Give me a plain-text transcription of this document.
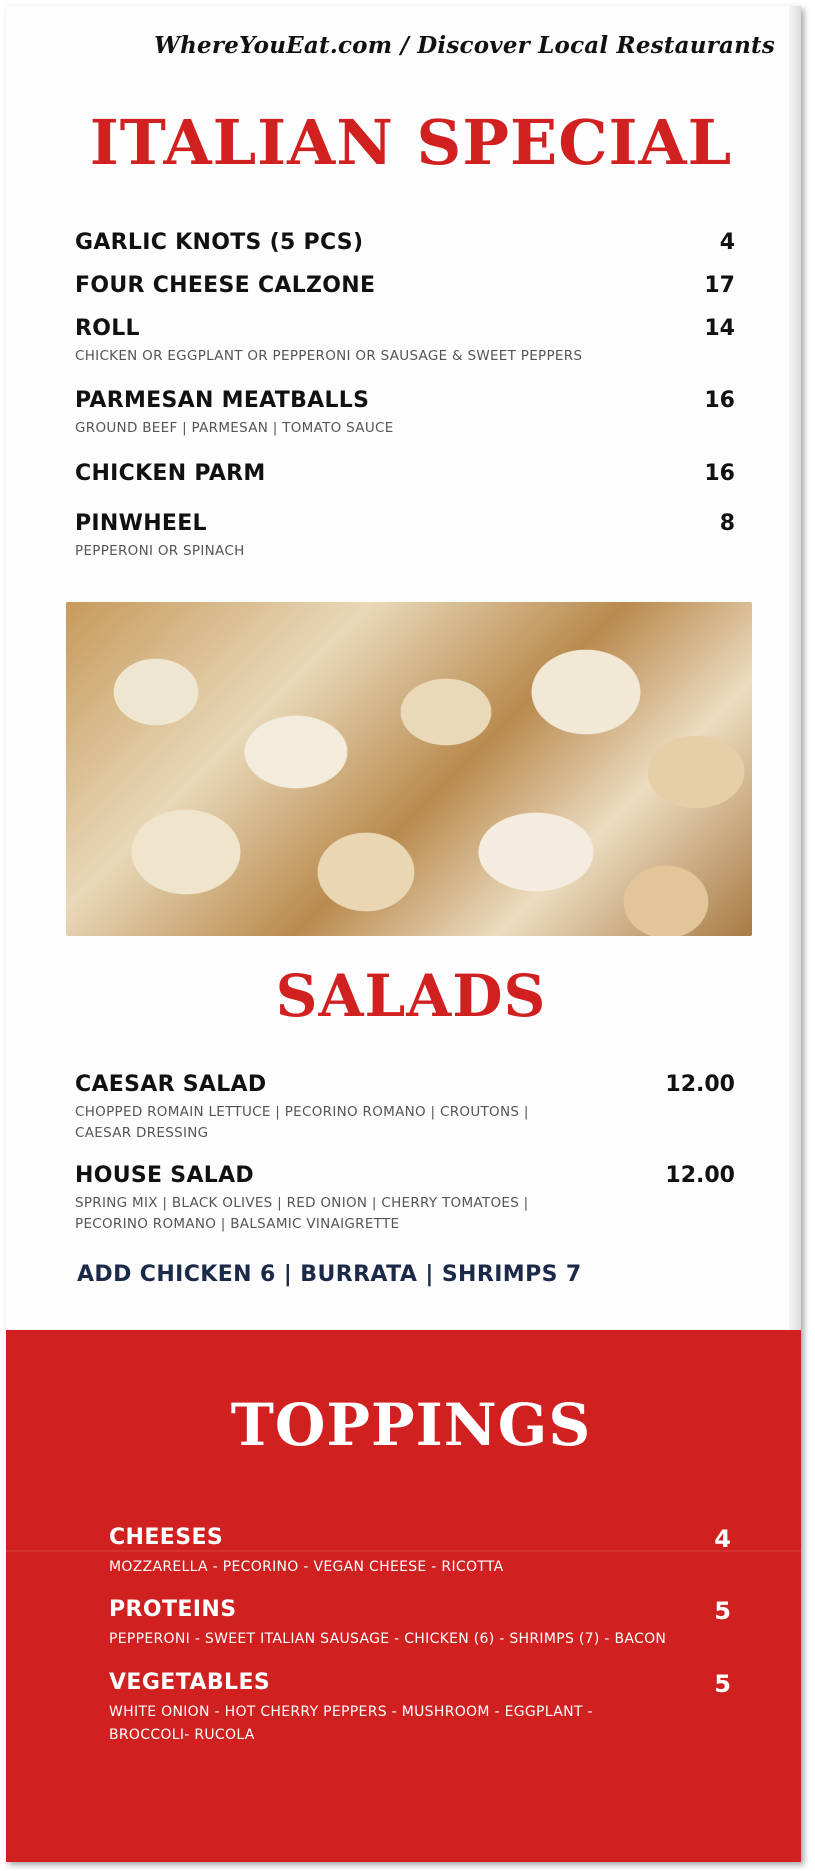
WhereYouEat.com / Discover Local Restaurants
ITALIAN SPECIAL
GARLIC KNOTS (5 PCS)	4
FOUR CHEESE CALZONE	17
ROLL	14
CHICKEN OR EGGPLANT OR PEPPERONI OR SAUSAGE & SWEET PEPPERS
PARMESAN MEATBALLS	16
GROUND BEEF | PARMESAN | TOMATO SAUCE
CHICKEN PARM	16
PINWHEEL	8
PEPPERONI OR SPINACH
SALADS
CAESAR SALAD	12.00
CHOPPED ROMAIN LETTUCE | PECORINO ROMANO | CROUTONS |
CAESAR DRESSING
HOUSE SALAD	12.00
SPRING MIX | BLACK OLIVES | RED ONION | CHERRY TOMATOES |
PECORINO ROMANO | BALSAMIC VINAIGRETTE
ADD CHICKEN 6 | BURRATA | SHRIMPS 7
TOPPINGS
CHEESES	4
MOZZARELLA - PECORINO - VEGAN CHEESE - RICOTTA
PROTEINS	5
PEPPERONI - SWEET ITALIAN SAUSAGE - CHICKEN (6) - SHRIMPS (7) - BACON
VEGETABLES	5
WHITE ONION - HOT CHERRY PEPPERS - MUSHROOM - EGGPLANT -
BROCCOLI- RUCOLA
